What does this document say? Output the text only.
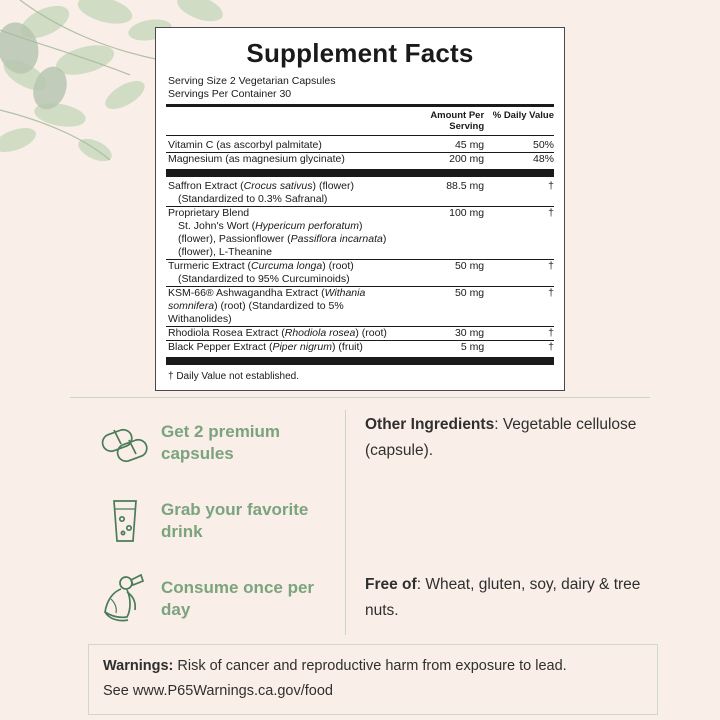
Supplement Facts
Serving Size 2 Vegetarian Capsules
Servings Per Container 30
	Amount Per Serving	% Daily Value
Vitamin C (as ascorbyl palmitate)	45 mg	50%

Magnesium (as magnesium glycinate)	200 mg	48%
Saffron Extract (Crocus sativus) (flower)
(Standardized to 0.3% Safranal)	88.5 mg	†

Proprietary Blend
St. John's Wort (Hypericum perforatum) (flower), Passionflower (Passiflora incarnata) (flower), L-Theanine	100 mg	†

Turmeric Extract (Curcuma longa) (root)
(Standardized to 95% Curcuminoids)	50 mg	†

KSM-66® Ashwagandha Extract (Withania somnifera) (root) (Standardized to 5% Withanolides)	50 mg	†

Rhodiola Rosea Extract (Rhodiola rosea) (root)	30 mg	†

Black Pepper Extract (Piper nigrum) (fruit)	5 mg	†
† Daily Value not established.
Get 2 premium capsules
Grab your favorite drink
Consume once per day
Other Ingredients: Vegetable cellulose (capsule).
Free of: Wheat, gluten, soy, dairy & tree nuts.
Warnings: Risk of cancer and reproductive harm from exposure to lead.
See www.P65Warnings.ca.gov/food
